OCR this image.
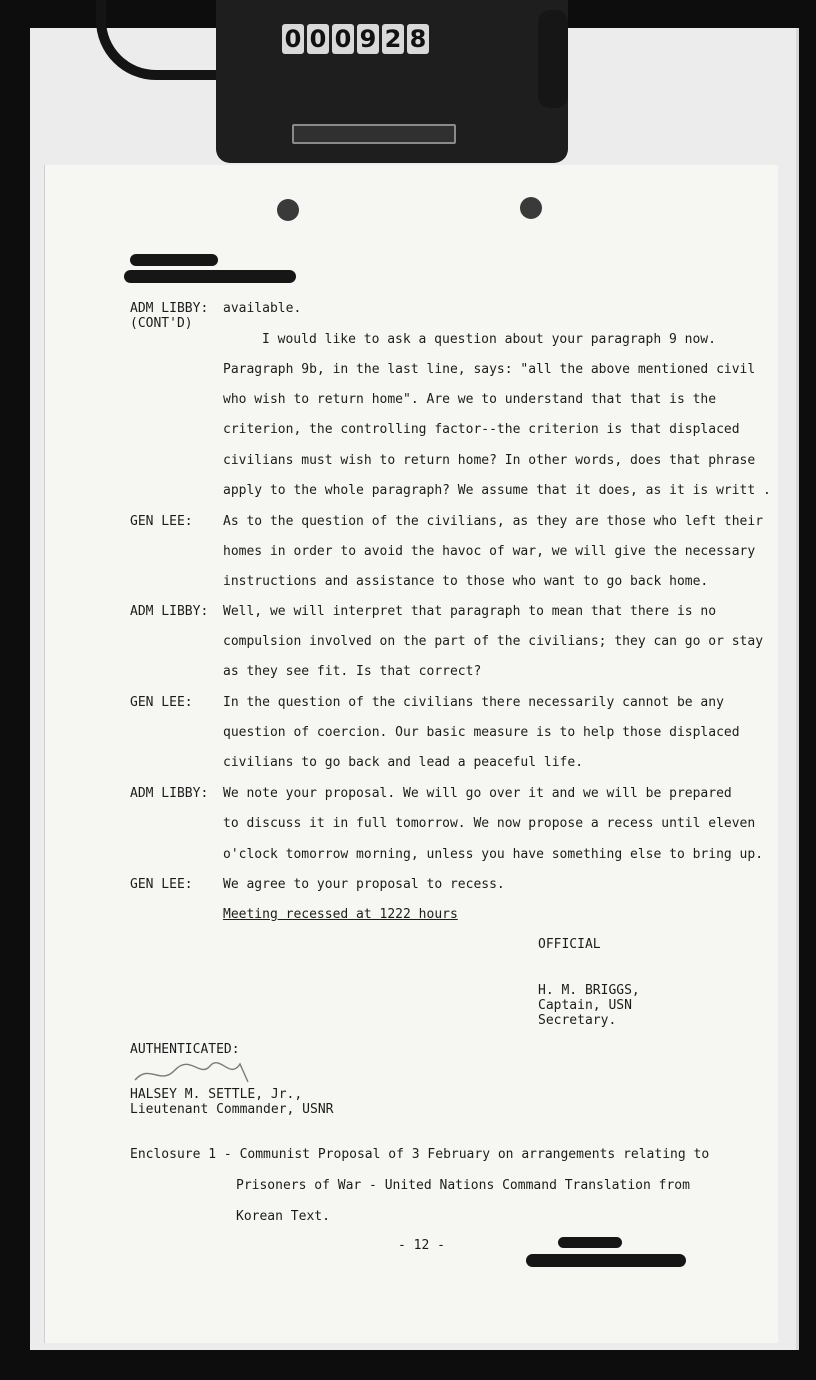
0 0 0 9 2 8
ADM LIBBY:
(CONT'D)
available.
I would like to ask a question about your paragraph 9 now.
Paragraph 9b, in the last line, says: "all the above mentioned civil
who wish to return home". Are we to understand that that is the
criterion, the controlling factor--the criterion is that displaced
civilians must wish to return home? In other words, does that phrase
apply to the whole paragraph? We assume that it does, as it is writt .
GEN LEE: As to the question of the civilians, as they are those who left their
homes in order to avoid the havoc of war, we will give the necessary
instructions and assistance to those who want to go back home.
ADM LIBBY: Well, we will interpret that paragraph to mean that there is no
compulsion involved on the part of the civilians; they can go or stay
as they see fit. Is that correct?
GEN LEE: In the question of the civilians there necessarily cannot be any
question of coercion. Our basic measure is to help those displaced
civilians to go back and lead a peaceful life.
ADM LIBBY: We note your proposal. We will go over it and we will be prepared
to discuss it in full tomorrow. We now propose a recess until eleven
o'clock tomorrow morning, unless you have something else to bring up.
GEN LEE: We agree to your proposal to recess.
Meeting recessed at 1222 hours
OFFICIAL
H. M. BRIGGS,
Captain, USN
Secretary.
AUTHENTICATED:
HALSEY M. SETTLE, Jr.,
Lieutenant Commander, USNR
Enclosure 1 - Communist Proposal of 3 February on arrangements relating to
Prisoners of War - United Nations Command Translation from
Korean Text.
- 12 -
